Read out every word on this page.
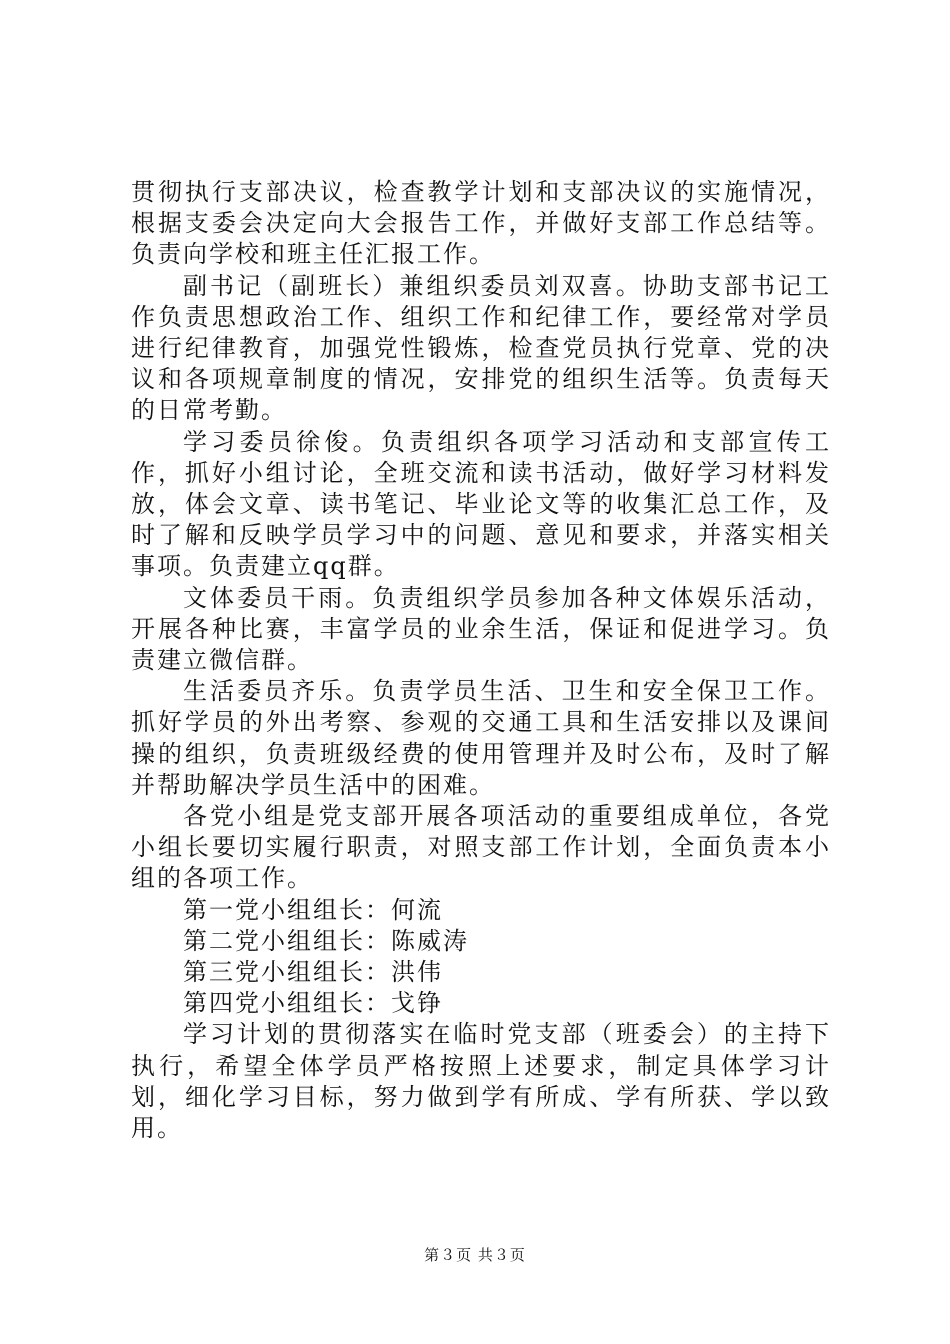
贯彻执行支部决议，检查教学计划和支部决议的实施情况，根据支委会决定向大会报告工作，并做好支部工作总结等。负责向学校和班主任汇报工作。

副书记（副班长）兼组织委员刘双喜。协助支部书记工作负责思想政治工作、组织工作和纪律工作，要经常对学员进行纪律教育，加强党性锻炼，检查党员执行党章、党的决议和各项规章制度的情况，安排党的组织生活等。负责每天的日常考勤。

学习委员徐俊。负责组织各项学习活动和支部宣传工作，抓好小组讨论，全班交流和读书活动，做好学习材料发放，体会文章、读书笔记、毕业论文等的收集汇总工作，及时了解和反映学员学习中的问题、意见和要求，并落实相关事项。负责建立qq群。

文体委员干雨。负责组织学员参加各种文体娱乐活动，开展各种比赛，丰富学员的业余生活，保证和促进学习。负责建立微信群。

生活委员齐乐。负责学员生活、卫生和安全保卫工作。抓好学员的外出考察、参观的交通工具和生活安排以及课间操的组织，负责班级经费的使用管理并及时公布，及时了解并帮助解决学员生活中的困难。

各党小组是党支部开展各项活动的重要组成单位，各党小组长要切实履行职责，对照支部工作计划，全面负责本小组的各项工作。

第一党小组组长：何流
第二党小组组长：陈威涛
第三党小组组长：洪伟
第四党小组组长：戈铮

学习计划的贯彻落实在临时党支部（班委会）的主持下执行，希望全体学员严格按照上述要求，制定具体学习计划，细化学习目标，努力做到学有所成、学有所获、学以致用。

第３页 共３页
